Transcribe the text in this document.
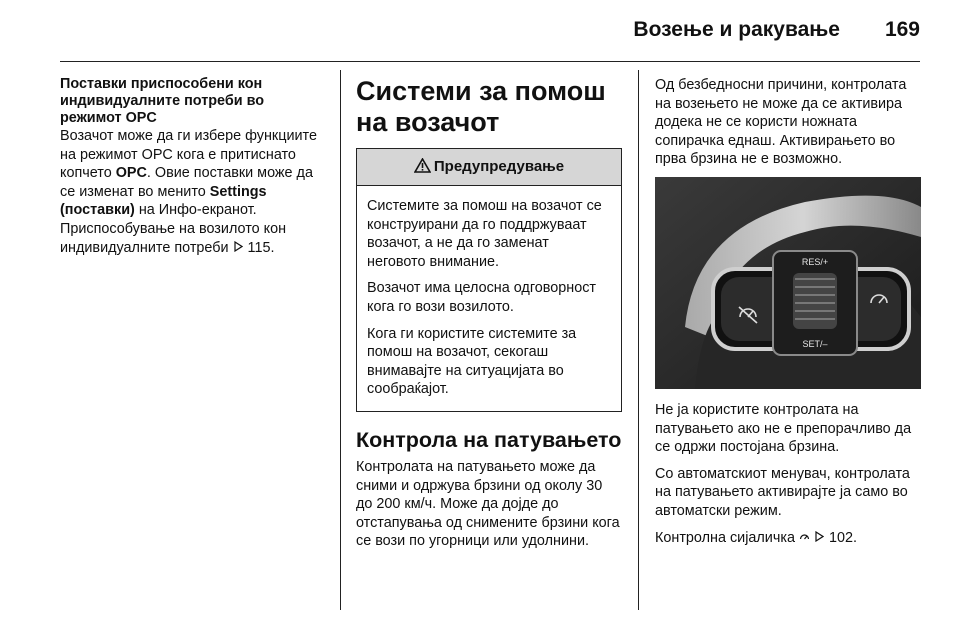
Возење и ракување 169
Поставки приспособени кон индивидуалните потреби во режимот OPC

Возачот може да ги избере функциите на режимот OPC кога е притиснато копчето OPC. Овие поставки може да се изменат во менито Settings (поставки) на Инфо-екранот. Приспособување на возилото кон индивидуалните потреби  115.

Системи за помош на возачот
Предупредување

Системите за помош на возачот се конструирани да го поддржуваат возачот, а не да го заменат неговото внимание.

Возачот има целосна одговорност кога го вози возилото.

Кога ги користите системите за помош на возачот, секогаш внимавајте на ситуацијата во сообраќајот.

Контрола на патувањето

Контролата на патувањето може да сними и одржува брзини од околу 30 до 200 км/ч. Може да дојде до отстапувања од снимените брзини кога се вози по угорници или удолнини.

Од безбедносни причини, контролата на возењето не може да се активира додека не се користи ножната сопирачка еднаш. Активирањето во прва брзина не е возможно.

RES/+
SET/–

Не ја користите контролата на патувањето ако не е препорачливо да се одржи постојана брзина.

Со автоматскиот менувач, контролата на патувањето активирајте ја само во автоматски режим.

Контролна сијаличка   102.
